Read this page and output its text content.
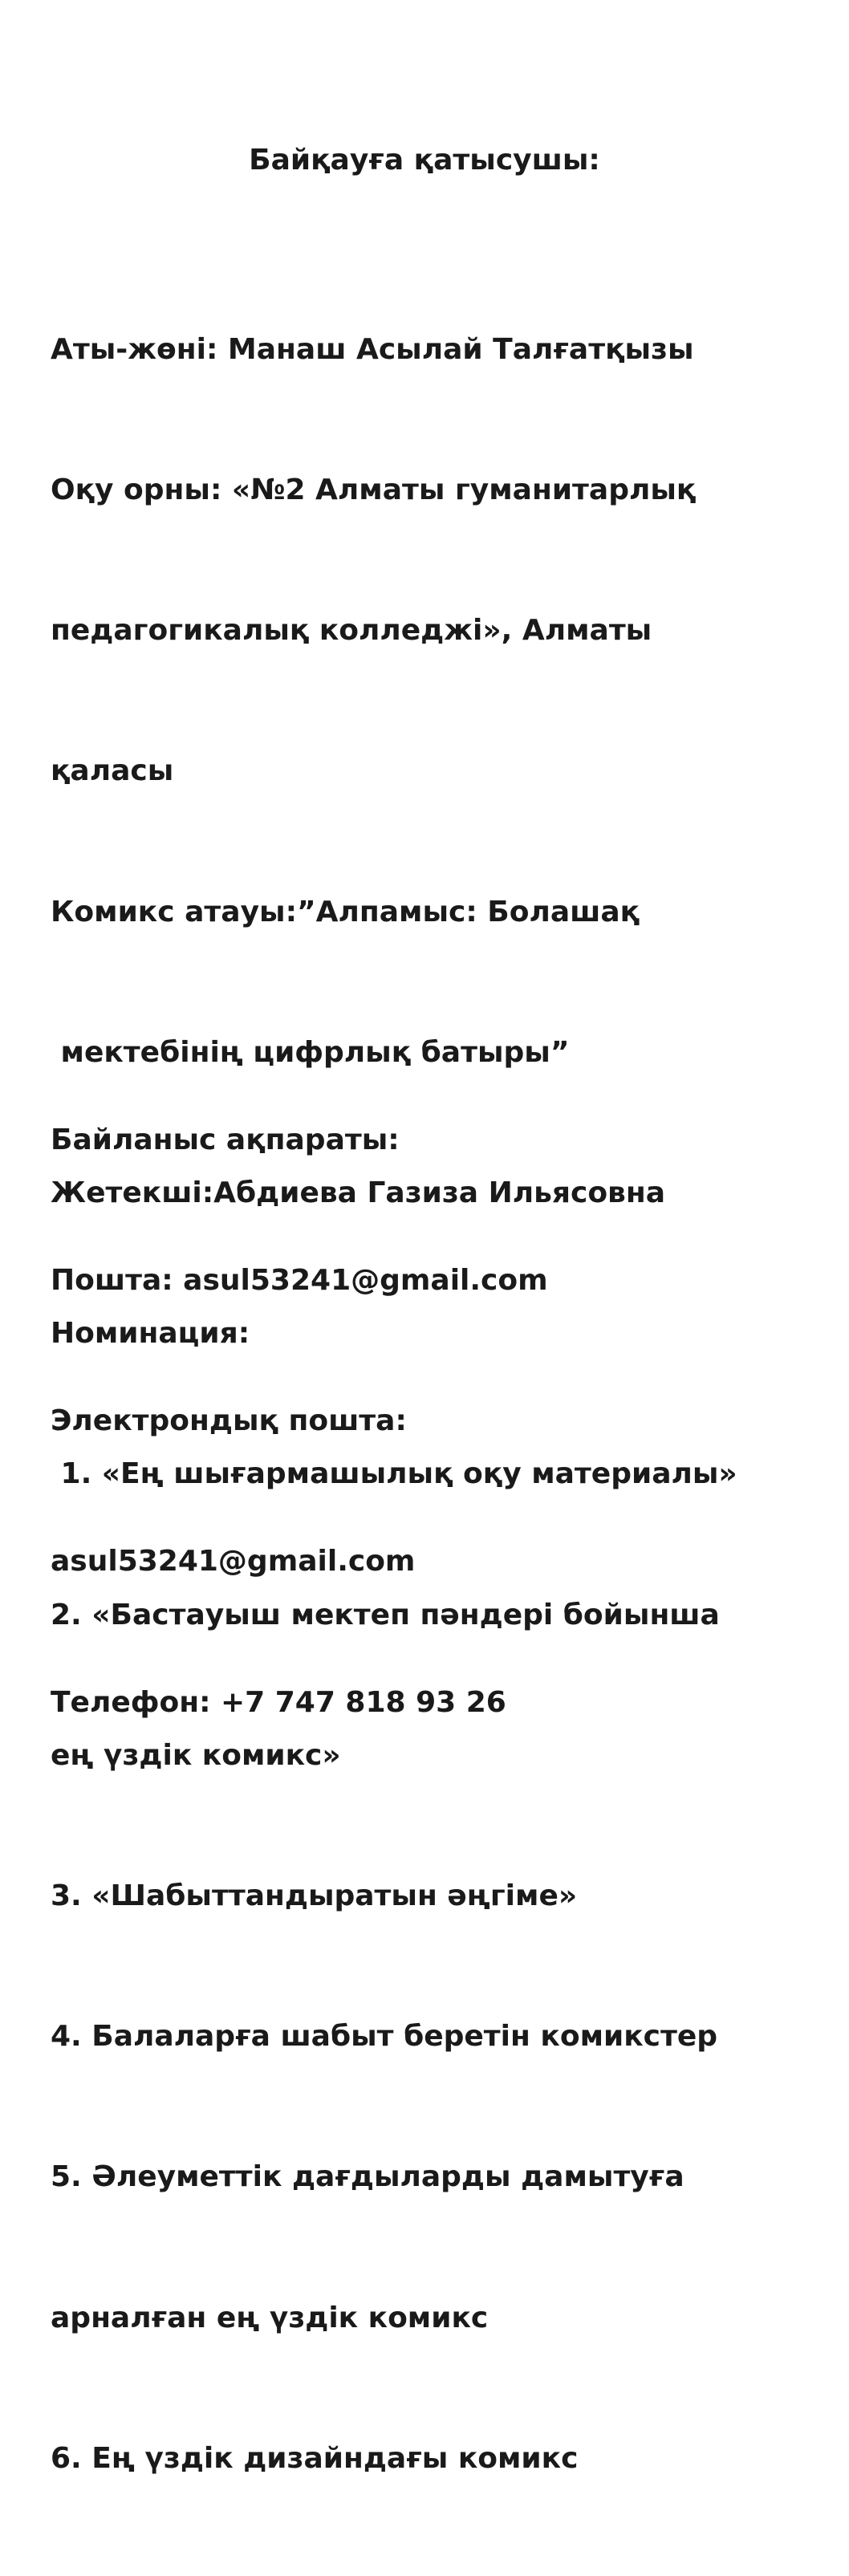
Байқауға қатысушы:

Аты-жөні: Манаш Асылай Талғатқызы

Оқу орны: «№2 Алматы гуманитарлық

педагогикалық колледжі», Алматы

қаласы

Комикс атауы:”Алпамыс: Болашақ

мектебінің цифрлық батыры”

Жетекші:Абдиева Газиза Ильясовна

Номинация:

1. «Ең шығармашылық оқу материалы»

2. «Бастауыш мектеп пәндері бойынша

ең үздік комикс»

3. «Шабыттандыратын әңгіме»

4. Балаларға шабыт беретін комикстер

5. Әлеуметтік дағдыларды дамытуға

арналған ең үздік комикс

6. Ең үздік дизайндағы комикс

Байланыс ақпараты:

Пошта: asul53241@gmail.com

Электрондық пошта:

asul53241@gmail.com

Телефон: +7 747 818 93 26
